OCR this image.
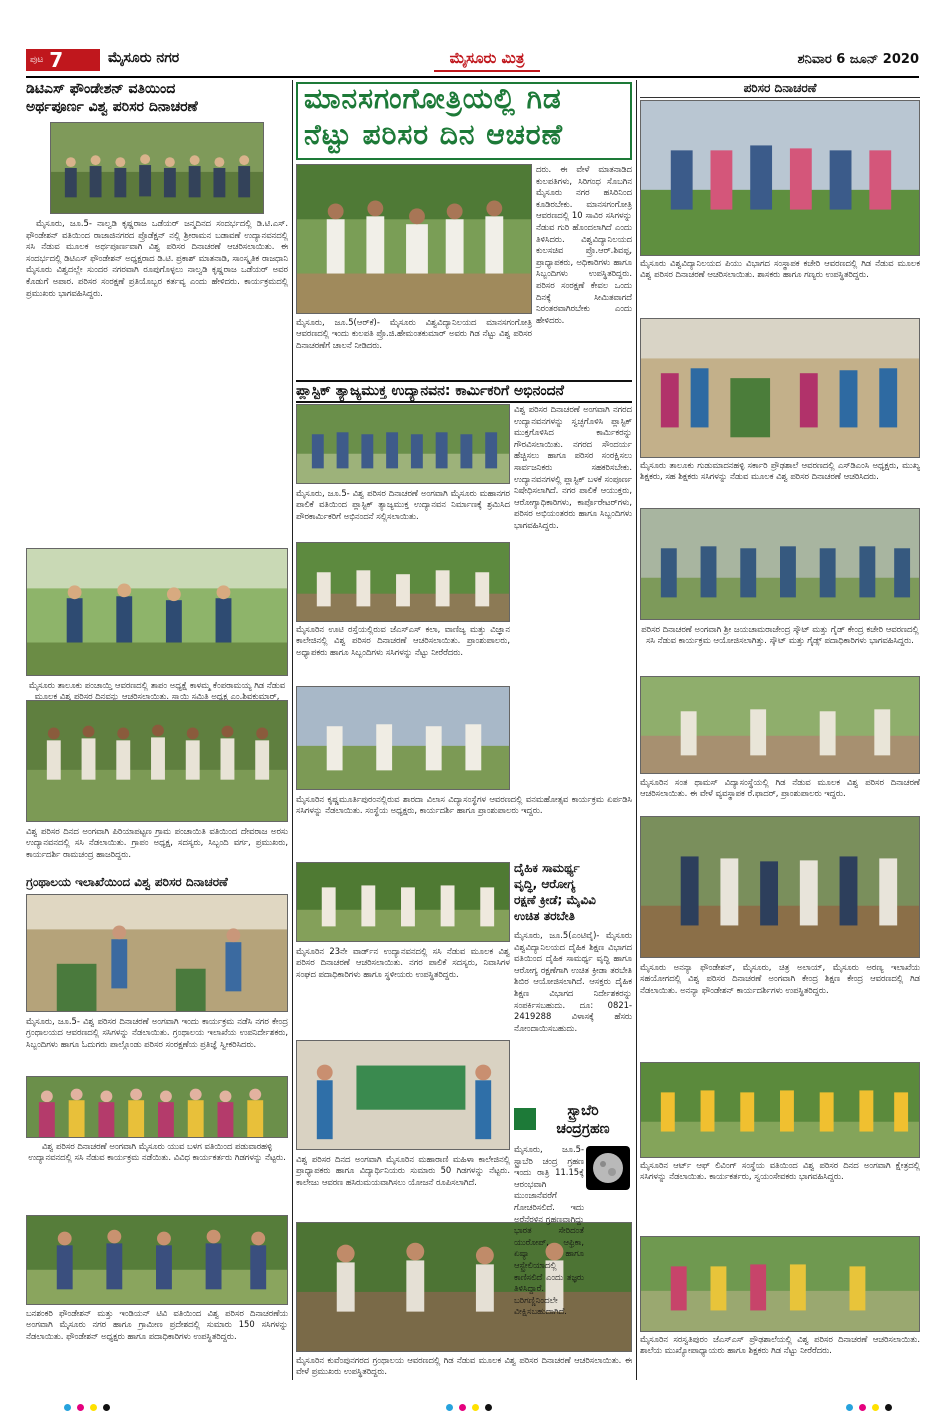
ಪುಟ 7	ಮೈಸೂರು ನಗರ	ಮೈಸೂರು ಮಿತ್ರ	ಶನಿವಾರ 6 ಜೂನ್ 2020
ಡಿಟಿಎಸ್ ಫೌಂಡೇಶನ್ ವತಿಯಿಂದ
ಅರ್ಥಪೂರ್ಣ ವಿಶ್ವ ಪರಿಸರ ದಿನಾಚರಣೆ
ಮೈಸೂರು, ಜೂ.5- ನಾಲ್ವಡಿ ಕೃಷ್ಣರಾಜ ಒಡೆಯರ್ ಜನ್ಮದಿನದ ಸಂದರ್ಭದಲ್ಲಿ ಡಿ.ಟಿ.ಎಸ್. ಫೌಂಡೇಶನ್ ವತಿಯಿಂದ ರಾಜಾಜಿನಗರದ ಪ್ರೊಡೆಕ್ಷನ್ ನಲ್ಲಿ ಶ್ರೀರಾಮನ ಬಡಾವಣೆ ಉದ್ಯಾನವನದಲ್ಲಿ ಸಸಿ ನೆಡುವ ಮೂಲಕ ಅರ್ಥಪೂರ್ಣವಾಗಿ ವಿಶ್ವ ಪರಿಸರ ದಿನಾಚರಣೆ ಆಚರಿಸಲಾಯಿತು. ಈ ಸಂದರ್ಭದಲ್ಲಿ ಡಿಟಿಎಸ್ ಫೌಂಡೇಶನ್ ಅಧ್ಯಕ್ಷರಾದ ಡಿ.ಟಿ. ಪ್ರಕಾಶ್ ಮಾತನಾಡಿ, ಸಾಂಸ್ಕೃತಿಕ ರಾಜಧಾನಿ ಮೈಸೂರು ವಿಶ್ವದಲ್ಲೇ ಸುಂದರ ನಗರವಾಗಿ ರೂಪುಗೊಳ್ಳಲು ನಾಲ್ವಡಿ ಕೃಷ್ಣರಾಜ ಒಡೆಯರ್ ಅವರ ಕೊಡುಗೆ ಅಪಾರ. ಪರಿಸರ ಸಂರಕ್ಷಣೆ ಪ್ರತಿಯೊಬ್ಬರ ಕರ್ತವ್ಯ ಎಂದು ಹೇಳಿದರು. ಕಾರ್ಯಕ್ರಮದಲ್ಲಿ ಪ್ರಮುಖರು ಭಾಗವಹಿಸಿದ್ದರು.
ಮೈಸೂರು ತಾಲೂಕು ಪಂಚಾಯ್ತಿ ಆವರಣದಲ್ಲಿ ತಾಪಂ ಅಧ್ಯಕ್ಷೆ ಕಾಳಮ್ಮ ಕೆಂಪರಾಮಯ್ಯ ಗಿಡ ನೆಡುವ ಮೂಲಕ ವಿಶ್ವ ಪರಿಸರ ದಿನವನ್ನು ಆಚರಿಸಲಾಯಿತು. ಸ್ಥಾಯಿ ಸಮಿತಿ ಅಧ್ಯಕ್ಷ ಎಂ.ಶಿವಕುಮಾರ್,
ವಿಶ್ವ ಪರಿಸರ ದಿನದ ಅಂಗವಾಗಿ ಪಿರಿಯಾಪಟ್ಟಣ ಗ್ರಾಮ ಪಂಚಾಯಿತಿ ವತಿಯಿಂದ ದೇವರಾಜ ಅರಸು ಉದ್ಯಾನವನದಲ್ಲಿ ಸಸಿ ನೆಡಲಾಯಿತು. ಗ್ರಾಪಂ ಅಧ್ಯಕ್ಷ, ಸದಸ್ಯರು, ಸಿಬ್ಬಂದಿ ವರ್ಗ, ಪ್ರಮುಖರು, ಕಾರ್ಯದರ್ಶಿ ರಾಮಚಂದ್ರ ಹಾಜರಿದ್ದರು.
ಗ್ರಂಥಾಲಯ ಇಲಾಖೆಯಿಂದ ವಿಶ್ವ ಪರಿಸರ ದಿನಾಚರಣೆ
ಮೈಸೂರು, ಜೂ.5- ವಿಶ್ವ ಪರಿಸರ ದಿನಾಚರಣೆ ಅಂಗವಾಗಿ ಇಂದು ಕಾರ್ಯಕ್ರಮ ನಡೆಸಿ ನಗರ ಕೇಂದ್ರ ಗ್ರಂಥಾಲಯದ ಆವರಣದಲ್ಲಿ ಸಸಿಗಳನ್ನು ನೆಡಲಾಯಿತು. ಗ್ರಂಥಾಲಯ ಇಲಾಖೆಯ ಉಪನಿರ್ದೇಶಕರು, ಸಿಬ್ಬಂದಿಗಳು ಹಾಗೂ ಓದುಗರು ಪಾಲ್ಗೊಂಡು ಪರಿಸರ ಸಂರಕ್ಷಣೆಯ ಪ್ರತಿಜ್ಞೆ ಸ್ವೀಕರಿಸಿದರು.
ವಿಶ್ವ ಪರಿಸರ ದಿನಾಚರಣೆ ಅಂಗವಾಗಿ ಮೈಸೂರು ಯುವ ಬಳಗ ವತಿಯಿಂದ ಪಡುವಾರಹಳ್ಳಿ ಉದ್ಯಾನವನದಲ್ಲಿ ಸಸಿ ನೆಡುವ ಕಾರ್ಯಕ್ರಮ ನಡೆಯಿತು. ವಿವಿಧ ಕಾರ್ಯಕರ್ತರು ಗಿಡಗಳನ್ನು ನೆಟ್ಟರು.
ಬನಶಂಕರಿ ಫೌಂಡೇಶನ್ ಮತ್ತು ಇಂಡಿಯನ್ ಟಿವಿ ವತಿಯಿಂದ ವಿಶ್ವ ಪರಿಸರ ದಿನಾಚರಣೆಯ ಅಂಗವಾಗಿ ಮೈಸೂರು ನಗರ ಹಾಗೂ ಗ್ರಾಮೀಣ ಪ್ರದೇಶದಲ್ಲಿ ಸುಮಾರು 150 ಸಸಿಗಳನ್ನು ನೆಡಲಾಯಿತು. ಫೌಂಡೇಶನ್ ಅಧ್ಯಕ್ಷರು ಹಾಗೂ ಪದಾಧಿಕಾರಿಗಳು ಉಪಸ್ಥಿತರಿದ್ದರು.
ಮಾನಸಗಂಗೋತ್ರಿಯಲ್ಲಿ ಗಿಡ
ನೆಟ್ಟು ಪರಿಸರ ದಿನ ಆಚರಣೆ
ದರು. ಈ ವೇಳೆ ಮಾತನಾಡಿದ ಕುಲಪತಿಗಳು, ಸಿರಿಗಂಧ ಸೊಬಗಿನ ಮೈಸೂರು ನಗರ ಹಸಿರಿನಿಂದ ಕೂಡಿರಬೇಕು. ಮಾನಸಗಂಗೋತ್ರಿ ಆವರಣದಲ್ಲಿ 10 ಸಾವಿರ ಸಸಿಗಳನ್ನು ನೆಡುವ ಗುರಿ ಹೊಂದಲಾಗಿದೆ ಎಂದು ತಿಳಿಸಿದರು. ವಿಶ್ವವಿದ್ಯಾನಿಲಯದ ಕುಲಸಚಿವ ಪ್ರೊ.ಆರ್.ಶಿವಪ್ಪ, ಪ್ರಾಧ್ಯಾಪಕರು, ಅಧಿಕಾರಿಗಳು ಹಾಗೂ ಸಿಬ್ಬಂದಿಗಳು ಉಪಸ್ಥಿತರಿದ್ದರು. ಪರಿಸರ ಸಂರಕ್ಷಣೆ ಕೇವಲ ಒಂದು ದಿನಕ್ಕೆ ಸೀಮಿತವಾಗದೆ ನಿರಂತರವಾಗಿರಬೇಕು ಎಂದು ಹೇಳಿದರು.
ಮೈಸೂರು, ಜೂ.5(ಆರ್‌ಕೆ)- ಮೈಸೂರು ವಿಶ್ವವಿದ್ಯಾನಿಲಯದ ಮಾನಸಗಂಗೋತ್ರಿ ಆವರಣದಲ್ಲಿ ಇಂದು ಕುಲಪತಿ ಪ್ರೊ.ಜಿ.ಹೇಮಂತಕುಮಾರ್ ಅವರು ಗಿಡ ನೆಟ್ಟು ವಿಶ್ವ ಪರಿಸರ ದಿನಾಚರಣೆಗೆ ಚಾಲನೆ ನೀಡಿದರು.
ಪ್ಲಾಸ್ಟಿಕ್ ತ್ಯಾಜ್ಯಮುಕ್ತ ಉದ್ಯಾನವನ: ಕಾರ್ಮಿಕರಿಗೆ ಅಭಿನಂದನೆ
ವಿಶ್ವ ಪರಿಸರ ದಿನಾಚರಣೆ ಅಂಗವಾಗಿ ನಗರದ ಉದ್ಯಾನವನಗಳನ್ನು ಸ್ವಚ್ಛಗೊಳಿಸಿ ಪ್ಲಾಸ್ಟಿಕ್ ಮುಕ್ತಗೊಳಿಸಿದ ಕಾರ್ಮಿಕರನ್ನು ಗೌರವಿಸಲಾಯಿತು. ನಗರದ ಸೌಂದರ್ಯ ಹೆಚ್ಚಿಸಲು ಹಾಗೂ ಪರಿಸರ ಸಂರಕ್ಷಿಸಲು ಸಾರ್ವಜನಿಕರು ಸಹಕರಿಸಬೇಕು. ಉದ್ಯಾನವನಗಳಲ್ಲಿ ಪ್ಲಾಸ್ಟಿಕ್ ಬಳಕೆ ಸಂಪೂರ್ಣ ನಿಷೇಧಿಸಲಾಗಿದೆ. ನಗರ ಪಾಲಿಕೆ ಆಯುಕ್ತರು, ಆರೋಗ್ಯಾಧಿಕಾರಿಗಳು, ಕಾರ್ಪೊರೇಟರ್‌ಗಳು, ಪರಿಸರ ಅಭಿಯಂತರರು ಹಾಗೂ ಸಿಬ್ಬಂದಿಗಳು ಭಾಗವಹಿಸಿದ್ದರು.
ಮೈಸೂರು, ಜೂ.5- ವಿಶ್ವ ಪರಿಸರ ದಿನಾಚರಣೆ ಅಂಗವಾಗಿ ಮೈಸೂರು ಮಹಾನಗರ ಪಾಲಿಕೆ ವತಿಯಿಂದ ಪ್ಲಾಸ್ಟಿಕ್ ತ್ಯಾಜ್ಯಮುಕ್ತ ಉದ್ಯಾನವನ ನಿರ್ಮಾಣಕ್ಕೆ ಶ್ರಮಿಸಿದ ಪೌರಕಾರ್ಮಿಕರಿಗೆ ಅಭಿನಂದನೆ ಸಲ್ಲಿಸಲಾಯಿತು.
ಮೈಸೂರಿನ ಊಟಿ ರಸ್ತೆಯಲ್ಲಿರುವ ಜೆಎಸ್‌ಎಸ್ ಕಲಾ, ವಾಣಿಜ್ಯ ಮತ್ತು ವಿಜ್ಞಾನ ಕಾಲೇಜಿನಲ್ಲಿ ವಿಶ್ವ ಪರಿಸರ ದಿನಾಚರಣೆ ಆಚರಿಸಲಾಯಿತು. ಪ್ರಾಂಶುಪಾಲರು, ಅಧ್ಯಾಪಕರು ಹಾಗೂ ಸಿಬ್ಬಂದಿಗಳು ಸಸಿಗಳನ್ನು ನೆಟ್ಟು ನೀರೆರೆದರು.
ಮೈಸೂರಿನ ಕೃಷ್ಣಮೂರ್ತಿಪುರಂನಲ್ಲಿರುವ ಶಾರದಾ ವಿಲಾಸ ವಿದ್ಯಾಸಂಸ್ಥೆಗಳ ಆವರಣದಲ್ಲಿ ವನಮಹೋತ್ಸವ ಕಾರ್ಯಕ್ರಮ ಏರ್ಪಡಿಸಿ ಸಸಿಗಳನ್ನು ನೆಡಲಾಯಿತು. ಸಂಸ್ಥೆಯ ಅಧ್ಯಕ್ಷರು, ಕಾರ್ಯದರ್ಶಿ ಹಾಗೂ ಪ್ರಾಂಶುಪಾಲರು ಇದ್ದರು.
ಮೈಸೂರಿನ 23ನೇ ವಾರ್ಡ್‌ನ ಉದ್ಯಾನವನದಲ್ಲಿ ಸಸಿ ನೆಡುವ ಮೂಲಕ ವಿಶ್ವ ಪರಿಸರ ದಿನಾಚರಣೆ ಆಚರಿಸಲಾಯಿತು. ನಗರ ಪಾಲಿಕೆ ಸದಸ್ಯರು, ನಿವಾಸಿಗಳ ಸಂಘದ ಪದಾಧಿಕಾರಿಗಳು ಹಾಗೂ ಸ್ಥಳೀಯರು ಉಪಸ್ಥಿತರಿದ್ದರು.
ವಿಶ್ವ ಪರಿಸರ ದಿನದ ಅಂಗವಾಗಿ ಮೈಸೂರಿನ ಮಹಾರಾಣಿ ಮಹಿಳಾ ಕಾಲೇಜಿನಲ್ಲಿ ಪ್ರಾಧ್ಯಾಪಕರು ಹಾಗೂ ವಿದ್ಯಾರ್ಥಿನಿಯರು ಸುಮಾರು 50 ಗಿಡಗಳನ್ನು ನೆಟ್ಟರು. ಕಾಲೇಜು ಆವರಣ ಹಸಿರುಮಯವಾಗಿಸಲು ಯೋಜನೆ ರೂಪಿಸಲಾಗಿದೆ.
ಮೈಸೂರಿನ ಕುವೆಂಪುನಗರದ ಗ್ರಂಥಾಲಯ ಆವರಣದಲ್ಲಿ ಗಿಡ ನೆಡುವ ಮೂಲಕ ವಿಶ್ವ ಪರಿಸರ ದಿನಾಚರಣೆ ಆಚರಿಸಲಾಯಿತು. ಈ ವೇಳೆ ಪ್ರಮುಖರು ಉಪಸ್ಥಿತರಿದ್ದರು.
ದೈಹಿಕ ಸಾಮರ್ಥ್ಯ
ವೃದ್ಧಿ, ಆರೋಗ್ಯ
ರಕ್ಷಣೆ ಕ್ರೀಡೆ; ಮೈವಿವಿ
ಉಚಿತ ತರಬೇತಿ
ಮೈಸೂರು, ಜೂ.5(ಎಂಟಿವೈ)- ಮೈಸೂರು ವಿಶ್ವವಿದ್ಯಾನಿಲಯದ ದೈಹಿಕ ಶಿಕ್ಷಣ ವಿಭಾಗದ ವತಿಯಿಂದ ದೈಹಿಕ ಸಾಮರ್ಥ್ಯ ವೃದ್ಧಿ ಹಾಗೂ ಆರೋಗ್ಯ ರಕ್ಷಣೆಗಾಗಿ ಉಚಿತ ಕ್ರೀಡಾ ತರಬೇತಿ ಶಿಬಿರ ಆಯೋಜಿಸಲಾಗಿದೆ. ಆಸಕ್ತರು ದೈಹಿಕ ಶಿಕ್ಷಣ ವಿಭಾಗದ ನಿರ್ದೇಶಕರನ್ನು ಸಂಪರ್ಕಿಸಬಹುದು. ದೂ: 0821-2419288 ವಿಳಾಸಕ್ಕೆ ಹೆಸರು ನೋಂದಾಯಿಸಬಹುದು.
ಸ್ಟ್ರಾಬೆರಿ
ಚಂದ್ರಗ್ರಹಣ
ಮೈಸೂರು, ಜೂ.5- ಸ್ಟ್ರಾಬೆರಿ ಚಂದ್ರ ಗ್ರಹಣ ಇಂದು ರಾತ್ರಿ 11.15ಕ್ಕೆ ಆರಂಭವಾಗಿ ಮುಂಜಾನೆವರೆಗೆ ಗೋಚರಿಸಲಿದೆ. ಇದು ಅರೆನೆರಳಿನ ಗ್ರಹಣವಾಗಿದ್ದು ಭಾರತ ಸೇರಿದಂತೆ ಯುರೋಪ್, ಆಫ್ರಿಕಾ, ಏಷ್ಯಾ ಹಾಗೂ ಆಸ್ಟ್ರೇಲಿಯಾದಲ್ಲಿ ಕಾಣಿಸಲಿದೆ ಎಂದು ತಜ್ಞರು ತಿಳಿಸಿದ್ದಾರೆ. ಬರಿಗಣ್ಣಿನಿಂದಲೇ ವೀಕ್ಷಿಸಬಹುದಾಗಿದೆ.
ಪರಿಸರ ದಿನಾಚರಣೆ
ಮೈಸೂರು ವಿಶ್ವವಿದ್ಯಾನಿಲಯದ ಪಿಯು ವಿಭಾಗದ ಸಂಸ್ಥಾಪಕ ಕಚೇರಿ ಆವರಣದಲ್ಲಿ ಗಿಡ ನೆಡುವ ಮೂಲಕ ವಿಶ್ವ ಪರಿಸರ ದಿನಾಚರಣೆ ಆಚರಿಸಲಾಯಿತು. ಶಾಸಕರು ಹಾಗೂ ಗಣ್ಯರು ಉಪಸ್ಥಿತರಿದ್ದರು.
ಮೈಸೂರು ತಾಲೂಕು ಗುಡುಮಾದನಹಳ್ಳಿ ಸರ್ಕಾರಿ ಪ್ರೌಢಶಾಲೆ ಆವರಣದಲ್ಲಿ ಎಸ್‌ಡಿಎಂಸಿ ಅಧ್ಯಕ್ಷರು, ಮುಖ್ಯ ಶಿಕ್ಷಕರು, ಸಹ ಶಿಕ್ಷಕರು ಸಸಿಗಳನ್ನು ನೆಡುವ ಮೂಲಕ ವಿಶ್ವ ಪರಿಸರ ದಿನಾಚರಣೆ ಆಚರಿಸಿದರು.
ಪರಿಸರ ದಿನಾಚರಣೆ ಅಂಗವಾಗಿ ಶ್ರೀ ಜಯಚಾಮರಾಜೇಂದ್ರ ಸ್ಕೌಟ್ ಮತ್ತು ಗೈಡ್ ಕೇಂದ್ರ ಕಚೇರಿ ಆವರಣದಲ್ಲಿ ಸಸಿ ನೆಡುವ ಕಾರ್ಯಕ್ರಮ ಆಯೋಜಿಸಲಾಗಿತ್ತು. ಸ್ಕೌಟ್ ಮತ್ತು ಗೈಡ್ಸ್ ಪದಾಧಿಕಾರಿಗಳು ಭಾಗವಹಿಸಿದ್ದರು.
ಮೈಸೂರಿನ ಸಂತ ಥಾಮಸ್ ವಿದ್ಯಾಸಂಸ್ಥೆಯಲ್ಲಿ ಗಿಡ ನೆಡುವ ಮೂಲಕ ವಿಶ್ವ ಪರಿಸರ ದಿನಾಚರಣೆ ಆಚರಿಸಲಾಯಿತು. ಈ ವೇಳೆ ವ್ಯವಸ್ಥಾಪಕ ರೆ.ಫಾದರ್, ಪ್ರಾಂಶುಪಾಲರು ಇದ್ದರು.
ಮೈಸೂರು ಅನನ್ಯಾ ಫೌಂಡೇಶನ್, ಮೈಸೂರು, ಚಿತ್ರ ಅಲಾಯ್, ಮೈಸೂರು ಅರಣ್ಯ ಇಲಾಖೆಯ ಸಹಯೋಗದಲ್ಲಿ ವಿಶ್ವ ಪರಿಸರ ದಿನಾಚರಣೆ ಅಂಗವಾಗಿ ಕೇಂದ್ರ ಶಿಕ್ಷಣ ಕೇಂದ್ರ ಆವರಣದಲ್ಲಿ ಗಿಡ ನೆಡಲಾಯಿತು. ಅನನ್ಯಾ ಫೌಂಡೇಶನ್ ಕಾರ್ಯದರ್ಶಿಗಳು ಉಪಸ್ಥಿತರಿದ್ದರು.
ಮೈಸೂರಿನ ಆರ್ಟ್ ಆಫ್ ಲಿವಿಂಗ್ ಸಂಸ್ಥೆಯ ವತಿಯಿಂದ ವಿಶ್ವ ಪರಿಸರ ದಿನದ ಅಂಗವಾಗಿ ಕ್ಷೇತ್ರದಲ್ಲಿ ಸಸಿಗಳನ್ನು ನೆಡಲಾಯಿತು. ಕಾರ್ಯಕರ್ತರು, ಸ್ವಯಂಸೇವಕರು ಭಾಗವಹಿಸಿದ್ದರು.
ಮೈಸೂರಿನ ಸರಸ್ವತಿಪುರಂ ಜೆಎಸ್‌ಎಸ್ ಪ್ರೌಢಶಾಲೆಯಲ್ಲಿ ವಿಶ್ವ ಪರಿಸರ ದಿನಾಚರಣೆ ಆಚರಿಸಲಾಯಿತು. ಶಾಲೆಯ ಮುಖ್ಯೋಪಾಧ್ಯಾಯರು ಹಾಗೂ ಶಿಕ್ಷಕರು ಗಿಡ ನೆಟ್ಟು ನೀರೆರೆದರು.
